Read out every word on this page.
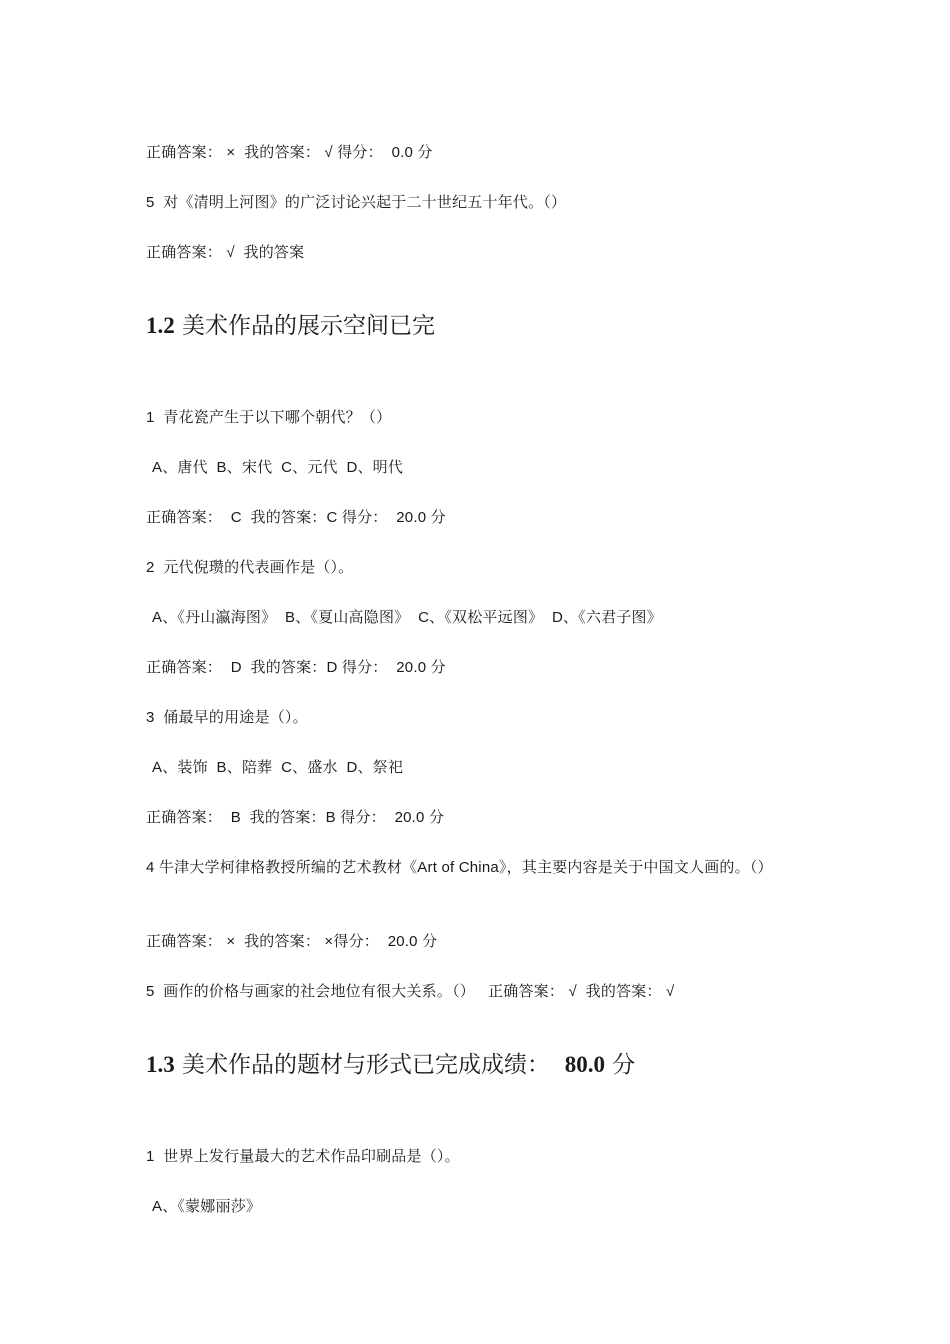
正确答案： ×  我的答案： √ 得分：  0.0 分
5  对《清明上河图》的广泛讨论兴起于二十世纪五十年代。（）
正确答案： √  我的答案
1.2 美术作品的展示空间已完
1  青花瓷产生于以下哪个朝代？（）
A、唐代  B、宋代  C、元代  D、明代
正确答案：  C  我的答案：C 得分：  20.0 分
2  元代倪瓒的代表画作是（）。
A、《丹山瀛海图》  B、《夏山高隐图》  C、《双松平远图》  D、《六君子图》
正确答案：  D  我的答案：D 得分：  20.0 分
3  俑最早的用途是（）。
A、装饰  B、陪葬  C、盛水  D、祭祀
正确答案：  B  我的答案：B 得分：  20.0 分
4 牛津大学柯律格教授所编的艺术教材《Art of China》，其主要内容是关于中国文人画的。（）
正确答案： ×  我的答案： ×得分：  20.0 分
5  画作的价格与画家的社会地位有很大关系。（）   正确答案： √  我的答案： √
1.3 美术作品的题材与形式已完成成绩：  80.0 分
1  世界上发行量最大的艺术作品印刷品是（）。
A、《蒙娜丽莎》
